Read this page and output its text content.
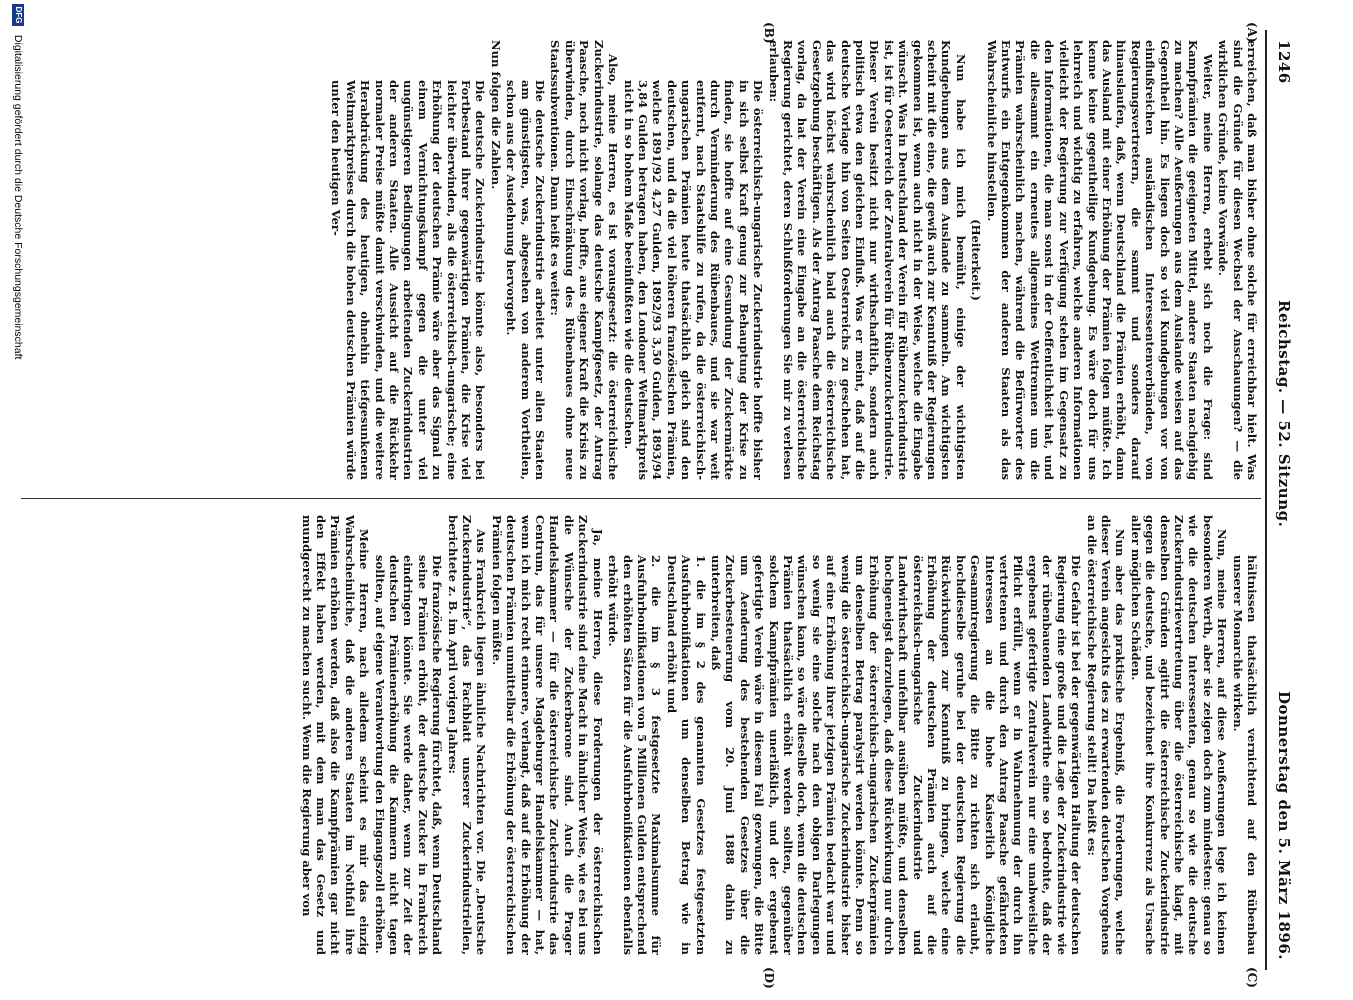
1246
Reichstag. — 52. Sitzung.
Donnerstag den 5. März 1896.
(A)
(B)
(C)
(D)

erreichen, daß man bisher ohne solche für erreichbar hielt. Was sind die Gründe für diesen Wechsel der Anschauungen? — die wirklichen Gründe, keine Vorwände.

Weiter, meine Herren, erhebt sich noch die Frage: sind Kampfprämien die geeigneten Mittel, andere Staaten nachgiebig zu machen? Alle Aeußerungen aus dem Auslande weisen auf das Gegentheil hin. Es liegen doch so viel Kundgebungen vor von einflußreichen ausländischen Interessentenverbänden, von Regierungsvertretern, die sammt und sonders darauf hinauslaufen, daß, wenn Deutschland die Prämien erhöht, dann das Ausland mit einer Erhöhung der Prämien folgen müßte. Ich kenne keine gegentheilige Kundgebung. Es wäre doch für uns lehrreich und wichtig zu erfahren, welche anderen Informationen vielleicht der Regierung zur Verfügung stehen im Gegensatz zu den Informationen, die man sonst in der Oeffentlichkeit hat, und die allesammt ein erneutes allgemeines Wettrennen um die Prämien wahrscheinlich machen, während die Befürworter des Entwurfs ein Entgegenkommen der anderen Staaten als das Wahrscheinliche hinstellen.

(Heiterkeit.)

Nun habe ich mich bemüht, einige der wichtigsten Kundgebungen aus dem Auslande zu sammeln. Am wichtigsten scheint mit die eine, die gewiß auch zur Kenntniß der Regierungen gekommen ist, wenn auch nicht in der Weise, welche die Eingabe wünscht. Was in Deutschland der Verein für Rübenzuckerindustrie ist, ist für Oesterreich der Zentralverein für Rübenzuckerindustrie. Dieser Verein besitzt nicht nur wirthschaftlich, sondern auch politisch etwa den gleichen Einfluß. Was er meint, daß auf die deutsche Vorlage hin von Seiten Oesterreichs zu geschehen hat, das wird höchst wahrscheinlich bald auch die österreichische Gesetzgebung beschäftigen. Als der Antrag Paasche dem Reichstag vorlag, da hat der Verein eine Eingabe an die österreichische Regierung gerichtet, deren Schlußforderungen Sie mir zu verlesen erlauben:

Die österreichisch-ungarische Zuckerindustrie hoffte bisher in sich selbst Kraft genug zur Behauptung der Krise zu finden, sie hoffte auf eine Gesundung der Zuckermärkte durch Verminderung des Rübenbaues, und sie war weit entfernt, nach Staatshilfe zu rufen, da die österreichisch-ungarischen Prämien heute thatsächlich gleich sind den deutschen, und da die viel höheren französischen Prämien, welche 1891/92 4,27 Gulden, 1892/93 3,50 Gulden, 1893/94 3,84 Gulden betragen haben, den Londoner Weltmarktpreis nicht in so hohem Maße beeinflußten wie die deutschen.

Also, meine Herren, es ist vorausgesetzt: die österreichische Zuckerindustrie, solange das deutsche Kampfgesetz, der Antrag Paasche, noch nicht vorlag, hoffte, aus eigener Kraft die Krisis zu überwinden, durch Einschränkung des Rübenbaues ohne neue Staatssubventionen. Dann heißt es weiter:

Die deutsche Zuckerindustrie arbeitet unter allen Staaten am günstigsten, was, abgesehen von anderem Vortheilen, schon aus der Ausdehnung hervorgeht.

Nun folgen die Zahlen.

Die deutsche Zuckerindustrie könnte also, besonders bei Fortbestand ihrer gegenwärtigen Prämien, die Krise viel leichter überwinden, als die österreichisch-ungarische; eine Erhöhung der deutschen Prämie wäre aber das Signal zu einem Vernichtungskampf gegen die unter viel ungünstigeren Bedingungen arbeitenden Zuckerindustrien der anderen Staaten. Alle Aussicht auf die Rückkehr normaler Preise müßte damit verschwinden, und die weitere Herabdrückung des heutigen, ohnehin tiefgesunkenen Weltmarktpreises durch die hohen deutschen Prämien würde unter den heutigen Ver-

hältnissen thatsächlich vernichtend auf den Rübenbau unserer Monarchie wirken.

Nun, meine Herren, auf diese Aeußerungen lege ich keinen besonderen Werth, aber sie zeigen doch zum mindesten: genau so wie die deutschen Interessenten, genau so wie die deutsche Zuckerindustrievertretung über die österreichische klagt, mit denselben Gründen agitirt die österreichische Zuckerindustrie gegen die deutsche, und bezeichnet ihre Konkurrenz als Ursache aller möglichen Schäden.

Nun aber das praktische Ergebniß, die Forderungen, welche dieser Verein angesichts des zu erwartenden deutschen Vorgehens an die österreichische Regierung stellt! Da heißt es:

Die Gefahr ist bei der gegenwärtigen Haltung der deutschen Regierung eine große und die Lage der Zuckerindustrie wie der rübenbauenden Landwirthe eine so bedrohte, daß der ergebenst gefertigte Zentralverein nur eine unabweisliche Pflicht erfüllt, wenn er in Wahrnehmung der durch ihn vertretenen und durch den Antrag Paasche gefährdeten Interessen an die hohe Kaiserlich Königliche Gesammtregierung die Bitte zu richten sich erlaubt, hochdieselbe geruhe bei der deutschen Regierung die Rückwirkungen zur Kenntniß zu bringen, welche eine Erhöhung der deutschen Prämien auch auf die österreichisch-ungarische Zuckerindustrie und Landwirthschaft unfehlbar ausüben müßte, und denselben hochgeneigst darzulegen, daß diese Rückwirkung nur durch Erhöhung der österreichisch-ungarischen Zuckerprämien um denselben Betrag paralysirt werden könnte. Denn so wenig die österreichisch-ungarische Zuckerindustrie bisher auf eine Erhöhung ihrer jetzigen Prämien bedacht war und so wenig sie eine solche nach den obigen Darlegungen wünschen kann, so wäre dieselbe doch, wenn die deutschen Prämien thatsächlich erhöht werden sollten, gegenüber solchem Kampfprämien unerläßlich, und der ergebenst gefertigte Verein wäre in diesem Fall gezwungen, die Bitte um Aenderung des bestehenden Gesetzes über die Zuckerbesteuerung vom 20. Juni 1888 dahin zu unterbreiten, daß

1. die im § 2 des genannten Gesetzes festgesetzten Ausfuhrbonifikationen um denselben Betrag wie in Deutschland erhöht und

2. die im § 3 festgesetzte Maximalsumme für Ausfuhrbonifikationen von 5 Millionen Gulden entsprechend den erhöhten Sätzen für die Ausfuhrbonifikationen ebenfalls erhöht würde.

Ja, meine Herren, diese Forderungen der österreichischen Zuckerindustrie sind eine Macht in ähnlicher Weise, wie es bei uns die Wünsche der Zuckerbarone sind. Auch die Prager Handelskammer — für die österreichische Zuckerindustrie das Centrum, das für unsere Magdeburger Handelskammer — hat, wenn ich mich recht erinnere, verlangt, daß auf die Erhöhung der deutschen Prämien unmittelbar die Erhöhung der österreichischen Prämien folgen müßte.

Aus Frankreich liegen ähnliche Nachrichten vor. Die „Deutsche Zuckerindustrie“, das Fachblatt unserer Zuckerindustriellen, berichtete z. B. im April vorigen Jahres:

Die französische Regierung fürchtet, daß, wenn Deutschland seine Prämien erhöht, der deutsche Zucker in Frankreich eindringen könnte. Sie werde daher, wenn zur Zeit der deutschen Prämienerhöhung die Kammern nicht tagen sollten, auf eigene Verantwortung den Eingangszoll erhöhen.

Meine Herren, nach alledem scheint es mir das einzig Wahrscheinliche, daß die anderen Staaten im Nothfall ihre Prämien erhöhen werden, daß also die Kampfprämien gar nicht den Effekt haben werden, mit dem man das Gesetz und mundgerecht zu machen sucht. Wenn die Regierung aber von

DFG Digitalisierung gefördert durch die Deutsche Forschungsgemeinschaft
